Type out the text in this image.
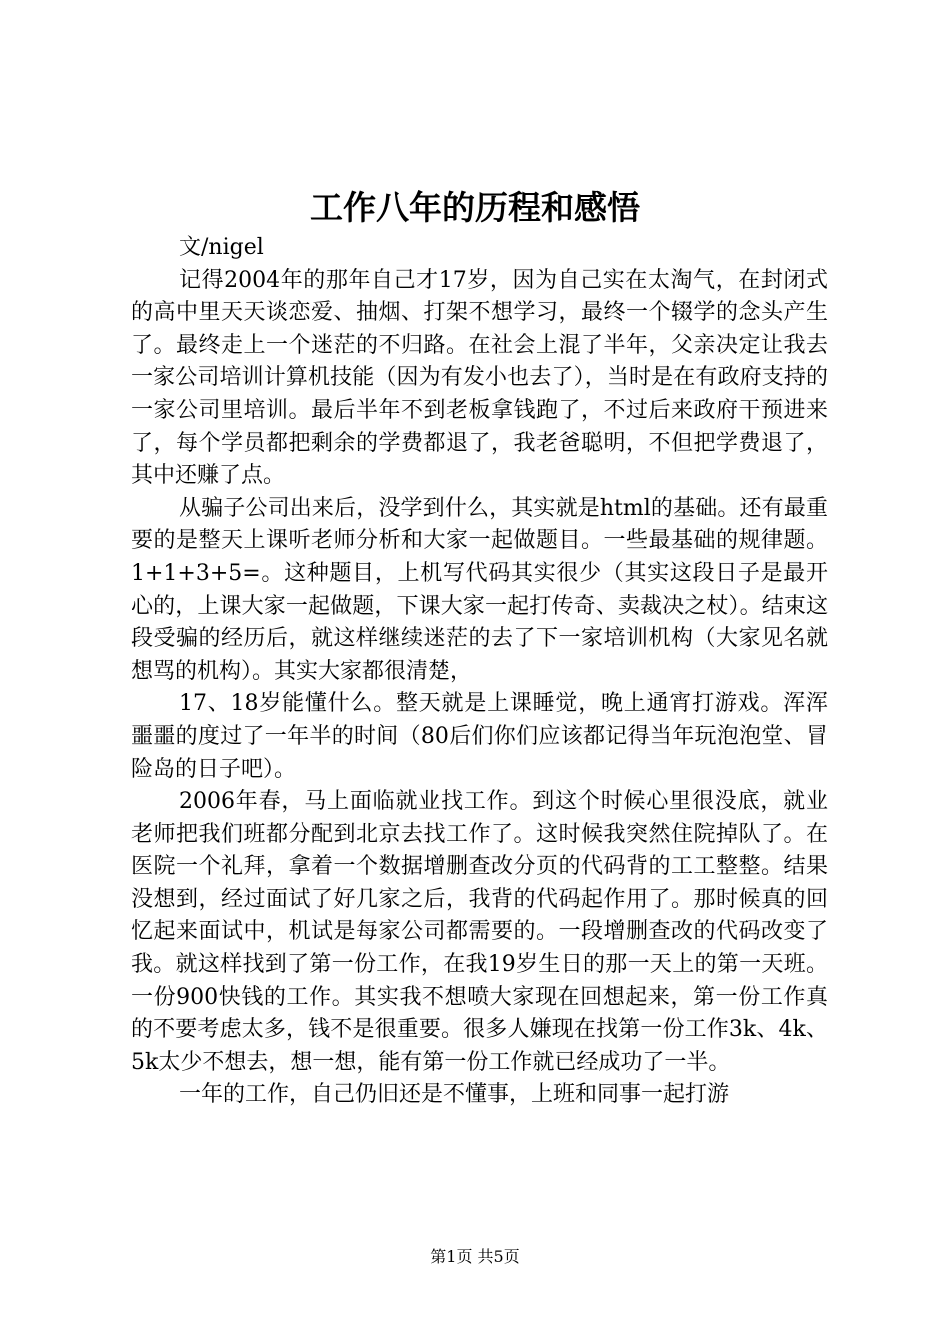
工作八年的历程和感悟

文/nigel

记得2004年的那年自己才17岁，因为自己实在太淘气，在封闭式的高中里天天谈恋爱、抽烟、打架不想学习，最终一个辍学的念头产生了。最终走上一个迷茫的不归路。在社会上混了半年，父亲决定让我去一家公司培训计算机技能（因为有发小也去了），当时是在有政府支持的一家公司里培训。最后半年不到老板拿钱跑了，不过后来政府干预进来了，每个学员都把剩余的学费都退了，我老爸聪明，不但把学费退了，其中还赚了点。

从骗子公司出来后，没学到什么，其实就是html的基础。还有最重要的是整天上课听老师分析和大家一起做题目。一些最基础的规律题。1+1+3+5=。这种题目，上机写代码其实很少（其实这段日子是最开心的，上课大家一起做题，下课大家一起打传奇、卖裁决之杖）。结束这段受骗的经历后，就这样继续迷茫的去了下一家培训机构（大家见名就想骂的机构）。其实大家都很清楚，

17、18岁能懂什么。整天就是上课睡觉，晚上通宵打游戏。浑浑噩噩的度过了一年半的时间（80后们你们应该都记得当年玩泡泡堂、冒险岛的日子吧）。

2006年春，马上面临就业找工作。到这个时候心里很没底，就业老师把我们班都分配到北京去找工作了。这时候我突然住院掉队了。在医院一个礼拜，拿着一个数据增删查改分页的代码背的工工整整。结果没想到，经过面试了好几家之后，我背的代码起作用了。那时候真的回忆起来面试中，机试是每家公司都需要的。一段增删查改的代码改变了我。就这样找到了第一份工作，在我19岁生日的那一天上的第一天班。一份900快钱的工作。其实我不想喷大家现在回想起来，第一份工作真的不要考虑太多，钱不是很重要。很多人嫌现在找第一份工作3k、4k、5k太少不想去，想一想，能有第一份工作就已经成功了一半。

一年的工作，自己仍旧还是不懂事，上班和同事一起打游

第1页 共5页
